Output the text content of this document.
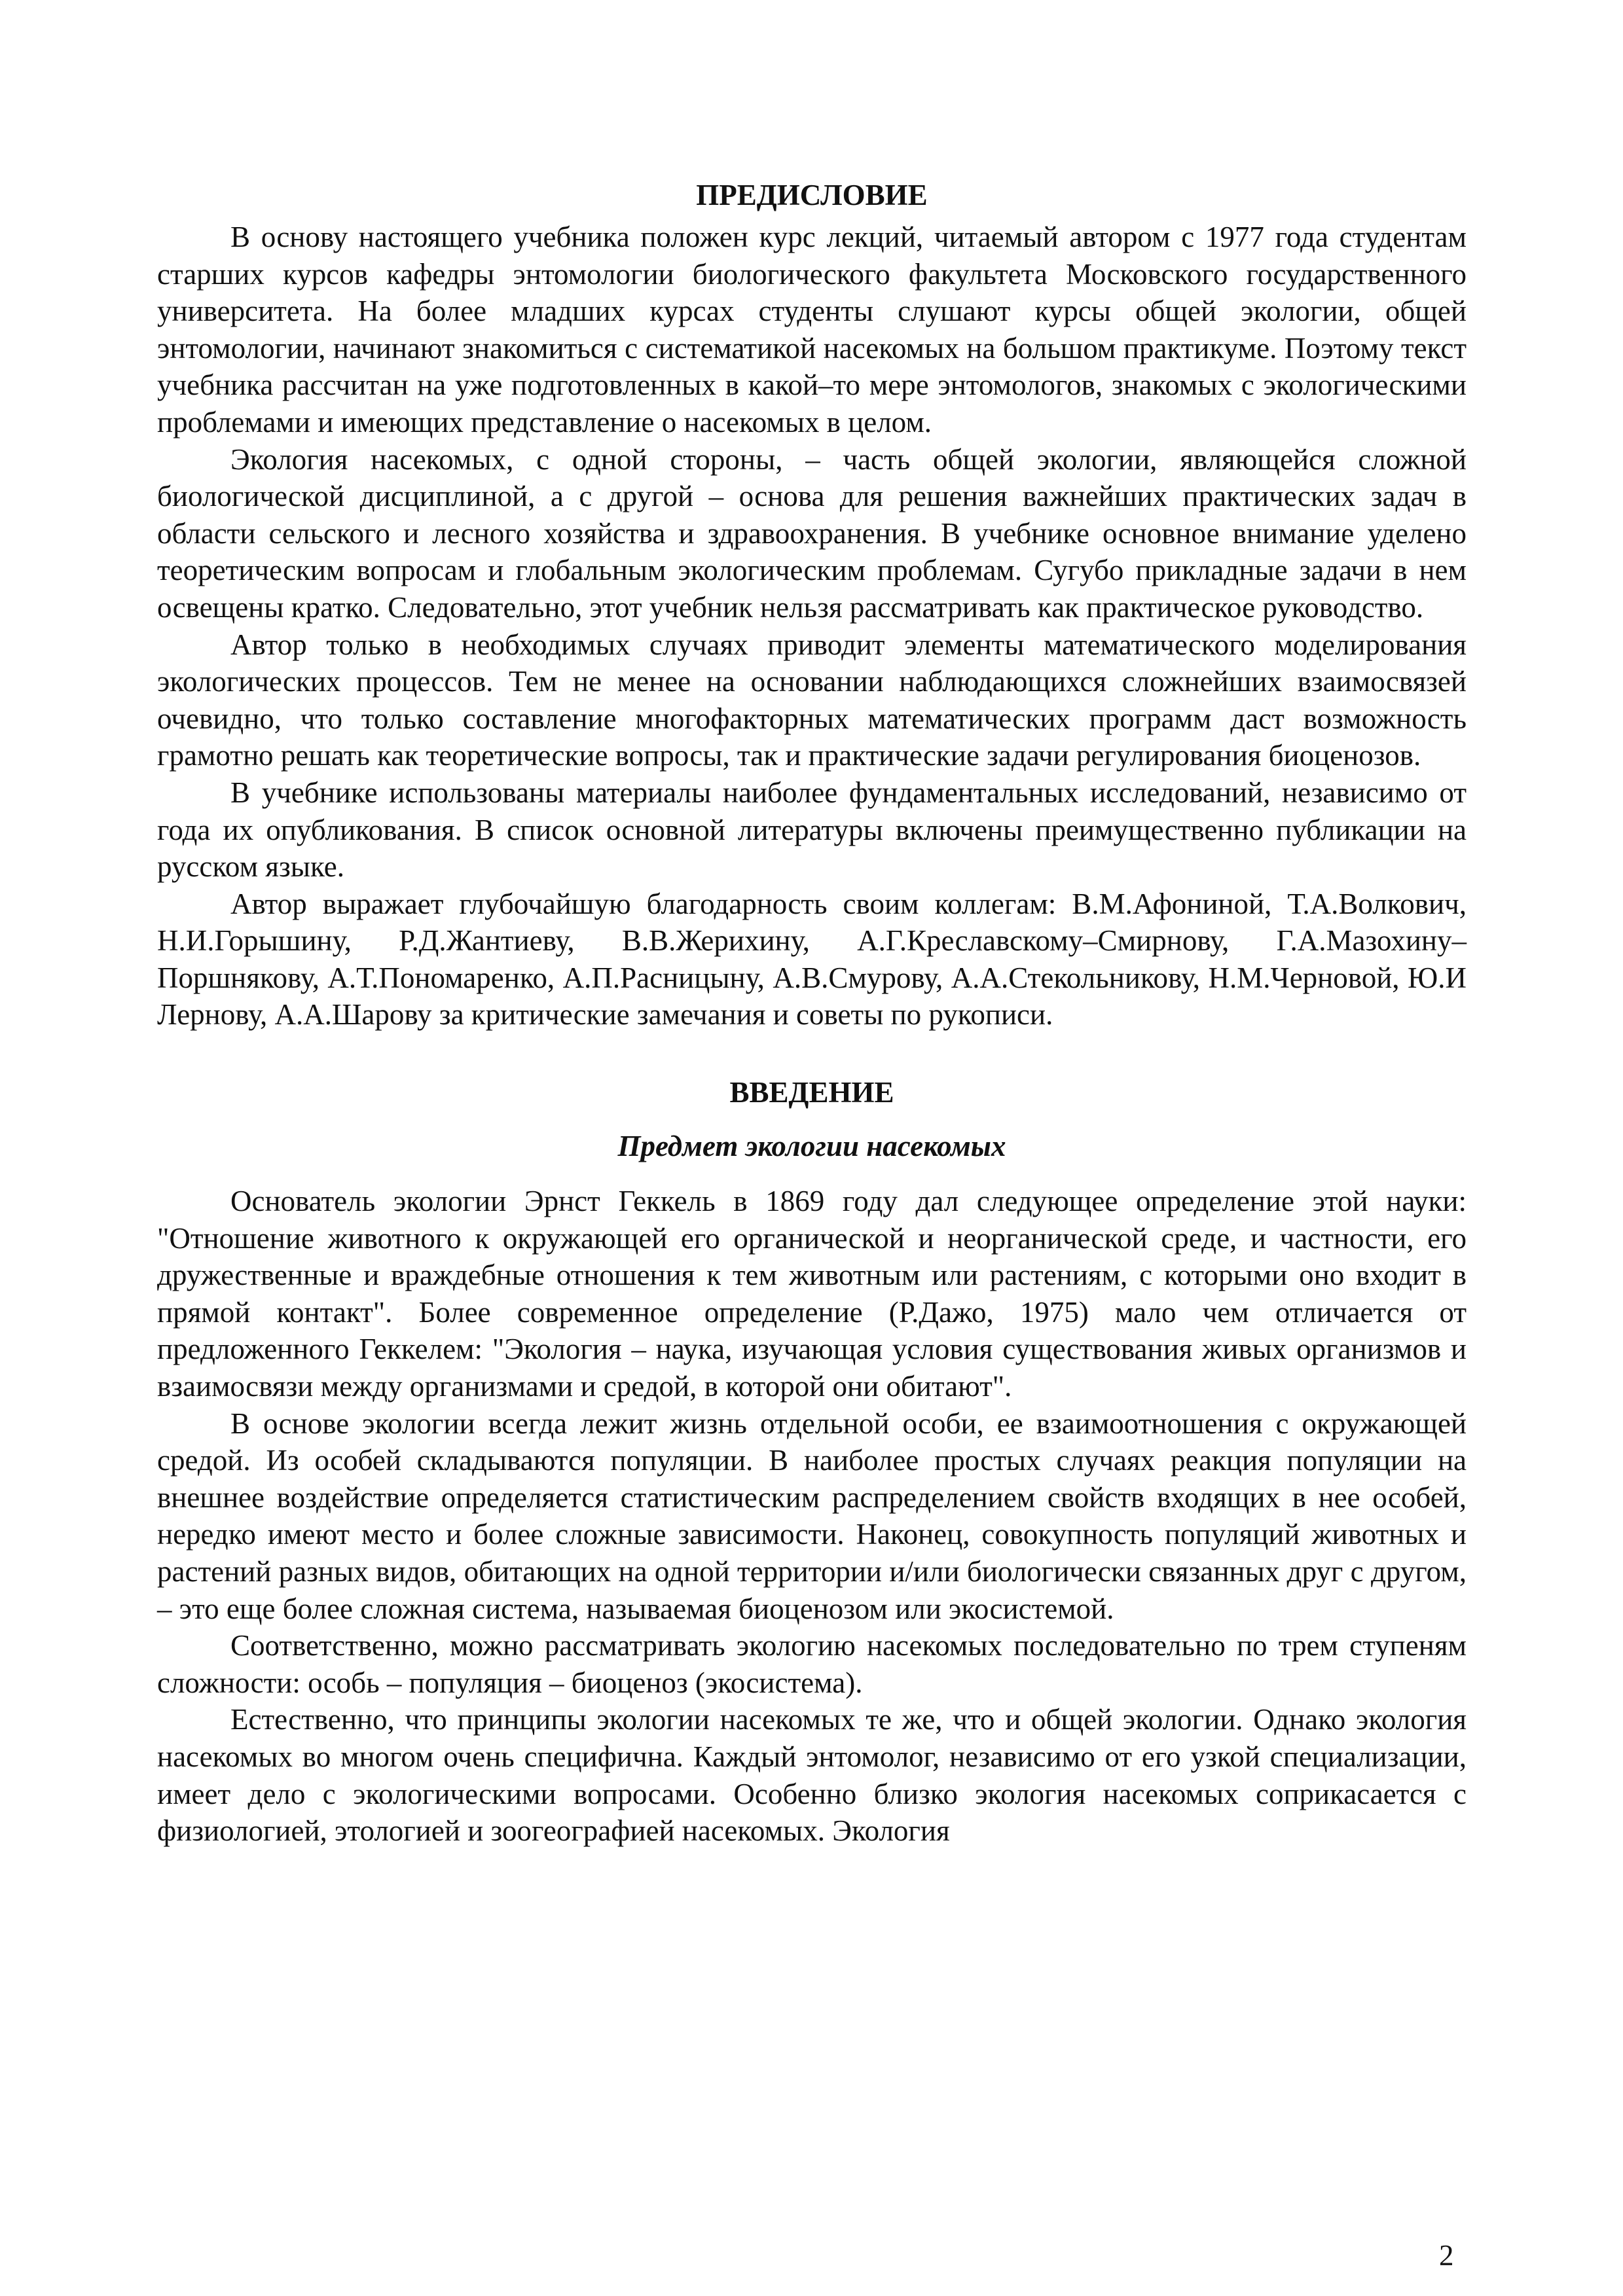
ПРЕДИСЛОВИЕ

В основу настоящего учебника положен курс лекций, читаемый автором с 1977 года студентам старших курсов кафедры энтомологии биологического факультета Московского государственного университета. На более младших курсах студенты слушают курсы общей экологии, общей энтомологии, начинают знакомиться с систематикой насекомых на большом практикуме. Поэтому текст учебника рассчитан на уже подготовленных в какой–то мере энтомологов, знакомых с экологическими проблемами и имеющих представление о насекомых в целом.

Экология насекомых, с одной стороны, – часть общей экологии, являющейся сложной биологической дисциплиной, а с другой – основа для решения важнейших практических задач в области сельского и лесного хозяйства и здравоохранения. В учебнике основное внимание уделено теоретическим вопросам и глобальным экологическим проблемам. Сугубо прикладные задачи в нем освещены кратко. Следовательно, этот учебник нельзя рассматривать как практическое руководство.

Автор только в необходимых случаях приводит элементы математического моделирования экологических процессов. Тем не менее на основании наблюдающихся сложнейших взаимосвязей очевидно, что только составление многофакторных математических программ даст возможность грамотно решать как теоретические вопросы, так и практические задачи регулирования биоценозов.

В учебнике использованы материалы наиболее фундаментальных исследований, независимо от года их опубликования. В список основной литературы включены преимущественно публикации на русском языке.

Автор выражает глубочайшую благодарность своим коллегам: В.М.Афониной, Т.А.Волкович, Н.И.Горышину, Р.Д.Жантиеву, В.В.Жерихину, А.Г.Креславскому–Смирнову, Г.А.Мазохину–Поршнякову, А.Т.Пономаренко, А.П.Расницыну, А.В.Смурову, А.А.Стекольникову, Н.М.Черновой, Ю.И Лернову, А.А.Шарову за критические замечания и советы по рукописи.

ВВЕДЕНИЕ
Предмет экологии насекомых

Основатель экологии Эрнст Геккель в 1869 году дал следующее определение этой науки: "Отношение животного к окружающей его органической и неорганической среде, и частности, его дружественные и враждебные отношения к тем животным или растениям, с которыми оно входит в прямой контакт". Более современное определение (Р.Дажо, 1975) мало чем отличается от предложенного Геккелем: "Экология – наука, изучающая условия существования живых организмов и взаимосвязи между организмами и средой, в которой они обитают".

В основе экологии всегда лежит жизнь отдельной особи, ее взаимоотношения с окружающей средой. Из особей складываются популяции. В наиболее простых случаях реакция популяции на внешнее воздействие определяется статистическим распределением свойств входящих в нее особей, нередко имеют место и более сложные зависимости. Наконец, совокупность популяций животных и растений разных видов, обитающих на одной территории и/или биологически связанных друг с другом, – это еще более сложная система, называемая биоценозом или экосистемой.

Соответственно, можно рассматривать экологию насекомых последовательно по трем ступеням сложности: особь – популяция – биоценоз (экосистема).

Естественно, что принципы экологии насекомых те же, что и общей экологии. Однако экология насекомых во многом очень специфична. Каждый энтомолог, независимо от его узкой специализации, имеет дело с экологическими вопросами. Особенно близко экология насекомых соприкасается с физиологией, этологией и зоогеографией насекомых. Экология

2
